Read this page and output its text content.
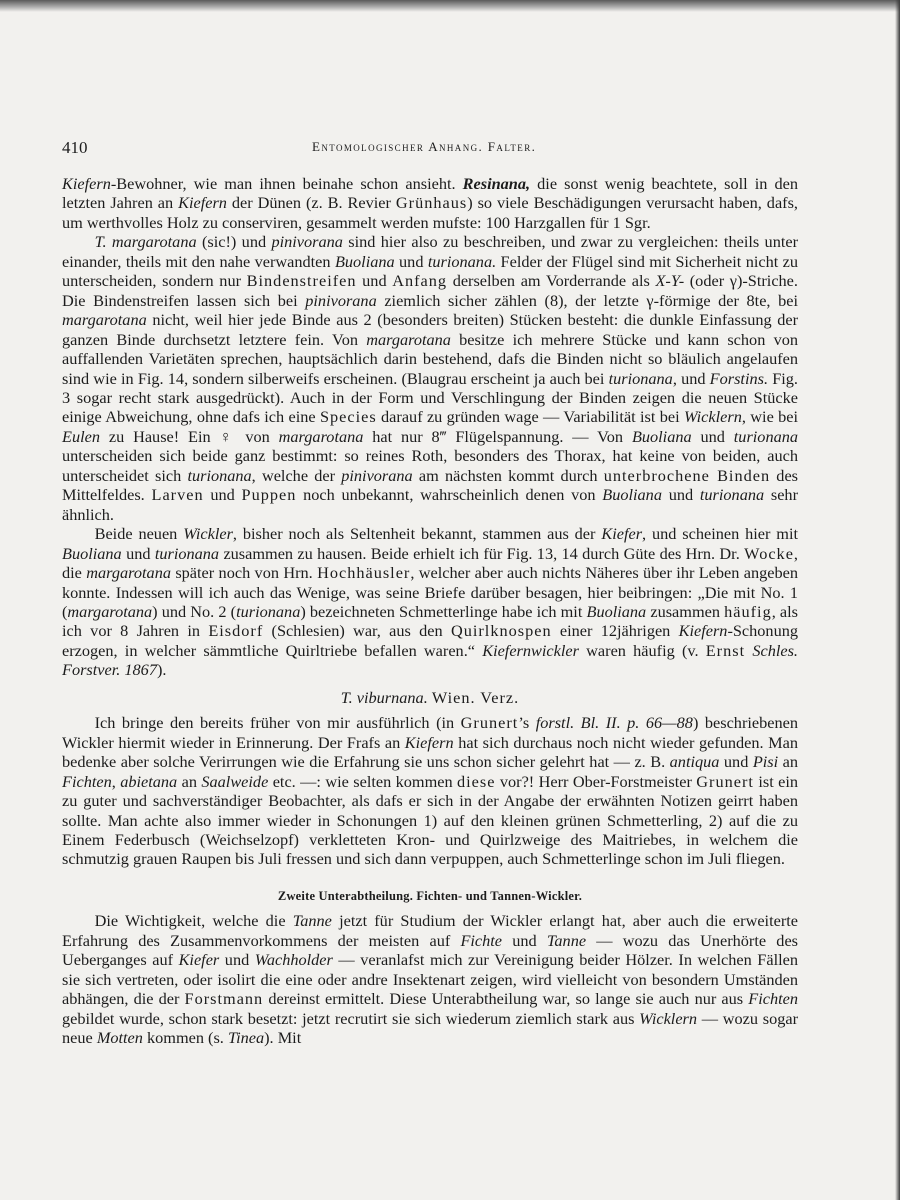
410	Entomologischer Anhang. Falter.

Kiefern-Bewohner, wie man ihnen beinahe schon ansieht. Resinana, die sonst wenig beachtete, soll in den letzten Jahren an Kiefern der Dünen (z. B. Revier Grünhaus) so viele Beschädigungen verursacht haben, dafs, um werthvolles Holz zu conserviren, gesammelt werden mufste: 100 Harzgallen für 1 Sgr.

T. margarotana (sic!) und pinivorana sind hier also zu beschreiben, und zwar zu vergleichen: theils unter einander, theils mit den nahe verwandten Buoliana und turionana. Felder der Flügel sind mit Sicherheit nicht zu unterscheiden, sondern nur Bindenstreifen und Anfang derselben am Vorderrande als X-Y- (oder γ)-Striche. Die Bindenstreifen lassen sich bei pinivorana ziemlich sicher zählen (8), der letzte γ-förmige der 8te, bei margarotana nicht, weil hier jede Binde aus 2 (besonders breiten) Stücken besteht: die dunkle Einfassung der ganzen Binde durchsetzt letztere fein. Von margarotana besitze ich mehrere Stücke und kann schon von auffallenden Varietäten sprechen, hauptsächlich darin bestehend, dafs die Binden nicht so bläulich angelaufen sind wie in Fig. 14, sondern silberweifs erscheinen. (Blaugrau erscheint ja auch bei turionana, und Forstins. Fig. 3 sogar recht stark ausgedrückt). Auch in der Form und Verschlingung der Binden zeigen die neuen Stücke einige Abweichung, ohne dafs ich eine Species darauf zu gründen wage — Variabilität ist bei Wicklern, wie bei Eulen zu Hause! Ein ♀ von margarotana hat nur 8‴ Flügelspannung. — Von Buoliana und turionana unterscheiden sich beide ganz bestimmt: so reines Roth, besonders des Thorax, hat keine von beiden, auch unterscheidet sich turionana, welche der pinivorana am nächsten kommt durch unterbrochene Binden des Mittelfeldes. Larven und Puppen noch unbekannt, wahrscheinlich denen von Buoliana und turionana sehr ähnlich.

Beide neuen Wickler, bisher noch als Seltenheit bekannt, stammen aus der Kiefer, und scheinen hier mit Buoliana und turionana zusammen zu hausen. Beide erhielt ich für Fig. 13, 14 durch Güte des Hrn. Dr. Wocke, die margarotana später noch von Hrn. Hochhäusler, welcher aber auch nichts Näheres über ihr Leben angeben konnte. Indessen will ich auch das Wenige, was seine Briefe darüber besagen, hier beibringen: „Die mit No. 1 (margarotana) und No. 2 (turionana) bezeichneten Schmetterlinge habe ich mit Buoliana zusammen häufig, als ich vor 8 Jahren in Eisdorf (Schlesien) war, aus den Quirlknospen einer 12jährigen Kiefern-Schonung erzogen, in welcher sämmtliche Quirltriebe befallen waren.“ Kiefernwickler waren häufig (v. Ernst Schles. Forstver. 1867).

T. viburnana. Wien. Verz.

Ich bringe den bereits früher von mir ausführlich (in Grunert’s forstl. Bl. II. p. 66—88) beschriebenen Wickler hiermit wieder in Erinnerung. Der Frafs an Kiefern hat sich durchaus noch nicht wieder gefunden. Man bedenke aber solche Verirrungen wie die Erfahrung sie uns schon sicher gelehrt hat — z. B. antiqua und Pisi an Fichten, abietana an Saalweide etc. —: wie selten kommen diese vor?! Herr Ober-Forstmeister Grunert ist ein zu guter und sachverständiger Beobachter, als dafs er sich in der Angabe der erwähnten Notizen geirrt haben sollte. Man achte also immer wieder in Schonungen 1) auf den kleinen grünen Schmetterling, 2) auf die zu Einem Federbusch (Weichselzopf) verkletteten Kron- und Quirlzweige des Maitriebes, in welchem die schmutzig grauen Raupen bis Juli fressen und sich dann verpuppen, auch Schmetterlinge schon im Juli fliegen.

Zweite Unterabtheilung. Fichten- und Tannen-Wickler.

Die Wichtigkeit, welche die Tanne jetzt für Studium der Wickler erlangt hat, aber auch die erweiterte Erfahrung des Zusammenvorkommens der meisten auf Fichte und Tanne — wozu das Unerhörte des Ueberganges auf Kiefer und Wachholder — veranlafst mich zur Vereinigung beider Hölzer. In welchen Fällen sie sich vertreten, oder isolirt die eine oder andre Insektenart zeigen, wird vielleicht von besondern Umständen abhängen, die der Forstmann dereinst ermittelt. Diese Unterabtheilung war, so lange sie auch nur aus Fichten gebildet wurde, schon stark besetzt: jetzt recrutirt sie sich wiederum ziemlich stark aus Wicklern — wozu sogar neue Motten kommen (s. Tinea). Mit
